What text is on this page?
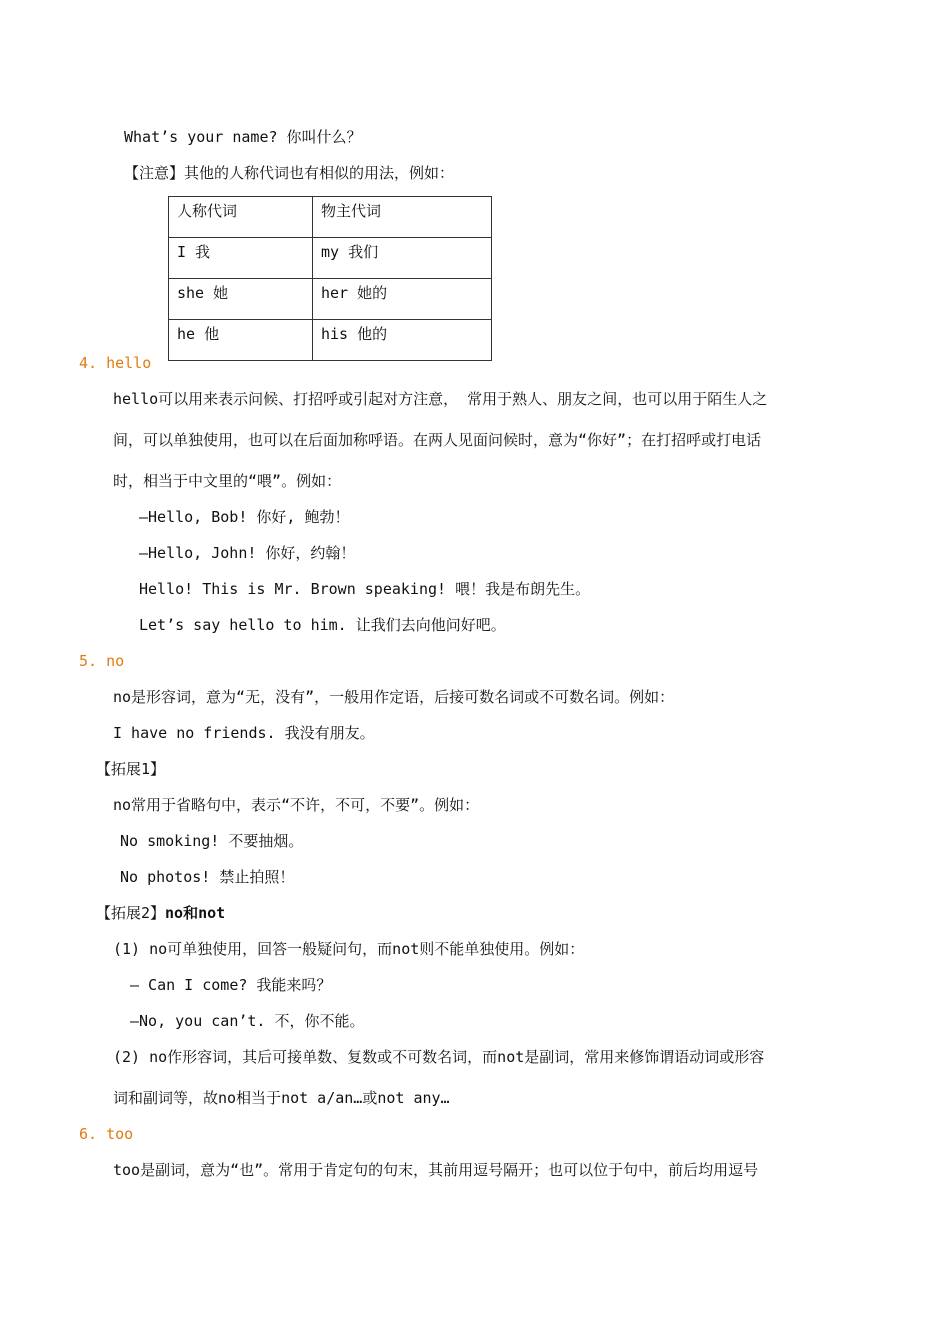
What’s your name? 你叫什么？
【注意】其他的人称代词也有相似的用法，例如：
人称代词	物主代词
I 我	my 我们
she 她	her 她的
he 他	his 他的
4. hello
hello可以用来表示问候、打招呼或引起对方注意， 常用于熟人、朋友之间，也可以用于陌生人之
间，可以单独使用，也可以在后面加称呼语。在两人见面问候时，意为“你好”；在打招呼或打电话
时，相当于中文里的“喂”。例如：
—Hello, Bob! 你好, 鲍勃！
—Hello, John! 你好，约翰！
Hello! This is Mr. Brown speaking! 喂！我是布朗先生。
Let’s say hello to him. 让我们去向他问好吧。
5. no
no是形容词，意为“无，没有”，一般用作定语，后接可数名词或不可数名词。例如：
I have no friends. 我没有朋友。
【拓展1】
no常用于省略句中，表示“不许，不可，不要”。例如：
No smoking! 不要抽烟。
No photos! 禁止拍照！
【拓展2】no和not
(1) no可单独使用，回答一般疑问句，而not则不能单独使用。例如：
— Can I come? 我能来吗？
—No, you can’t. 不，你不能。
(2) no作形容词，其后可接单数、复数或不可数名词，而not是副词，常用来修饰谓语动词或形容
词和副词等，故no相当于not a/an…或not any…
6. too
too是副词，意为“也”。常用于肯定句的句末，其前用逗号隔开；也可以位于句中，前后均用逗号
